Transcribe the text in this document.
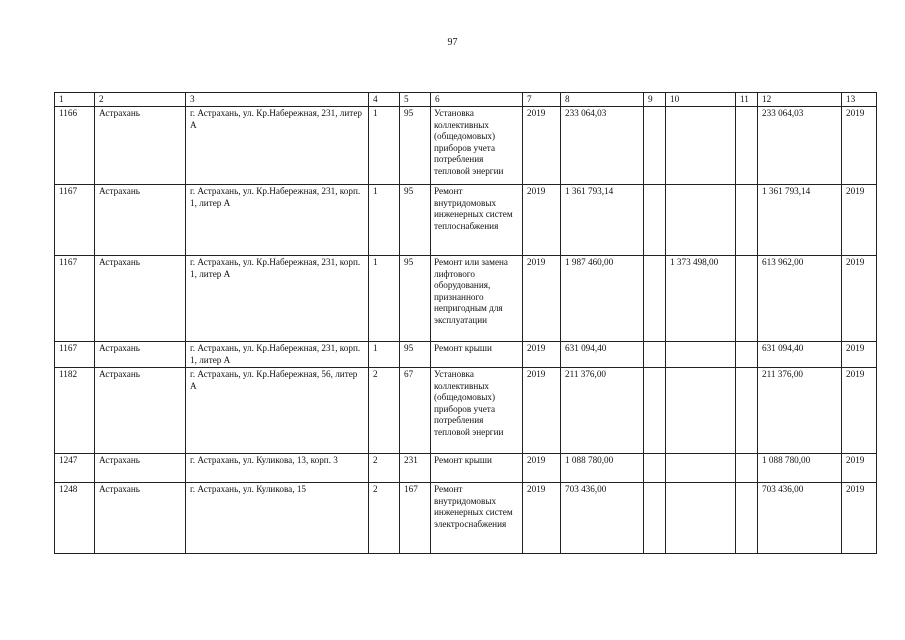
97
1	2	3	4	5	6	7	8	9	10	11	12	13
1166	Астрахань	г. Астрахань, ул. Кр.Набережная, 231, литер А	1	95	Установка коллективных (общедомовых) приборов учета потребления тепловой энергии	2019	233 064,03				233 064,03	2019
1167	Астрахань	г. Астрахань, ул. Кр.Набережная, 231, корп. 1, литер А	1	95	Ремонт внутридомовых инженерных систем теплоснабжения	2019	1 361 793,14				1 361 793,14	2019
1167	Астрахань	г. Астрахань, ул. Кр.Набережная, 231, корп. 1, литер А	1	95	Ремонт или замена лифтового оборудования, признанного непригодным для эксплуатации	2019	1 987 460,00		1 373 498,00		613 962,00	2019
1167	Астрахань	г. Астрахань, ул. Кр.Набережная, 231, корп. 1, литер А	1	95	Ремонт крыши	2019	631 094,40				631 094,40	2019
1182	Астрахань	г. Астрахань, ул. Кр.Набережная, 56, литер А	2	67	Установка коллективных (общедомовых) приборов учета потребления тепловой энергии	2019	211 376,00				211 376,00	2019
1247	Астрахань	г. Астрахань, ул. Куликова, 13, корп. 3	2	231	Ремонт крыши	2019	1 088 780,00				1 088 780,00	2019
1248	Астрахань	г. Астрахань, ул. Куликова, 15	2	167	Ремонт внутридомовых инженерных систем электроснабжения	2019	703 436,00				703 436,00	2019
